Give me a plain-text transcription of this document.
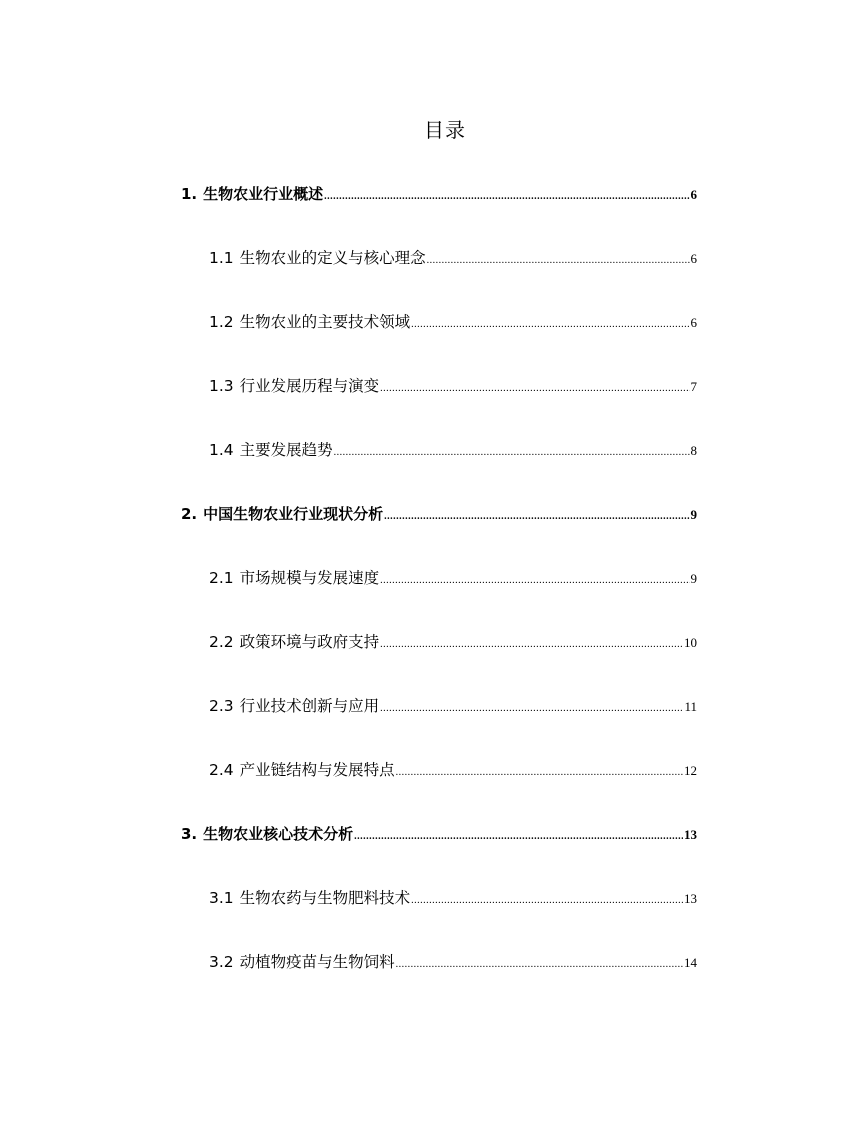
目录
1. 生物农业行业概述 .....	6
1.1 生物农业的定义与核心理念 .....	6
1.2 生物农业的主要技术领域 .....	6
1.3 行业发展历程与演变 .....	7
1.4 主要发展趋势 .....	8
2. 中国生物农业行业现状分析 .....	9
2.1 市场规模与发展速度 .....	9
2.2 政策环境与政府支持 .....	10
2.3 行业技术创新与应用 .....	11
2.4 产业链结构与发展特点 .....	12
3. 生物农业核心技术分析 .....	13
3.1 生物农药与生物肥料技术 .....	13
3.2 动植物疫苗与生物饲料 .....	14
